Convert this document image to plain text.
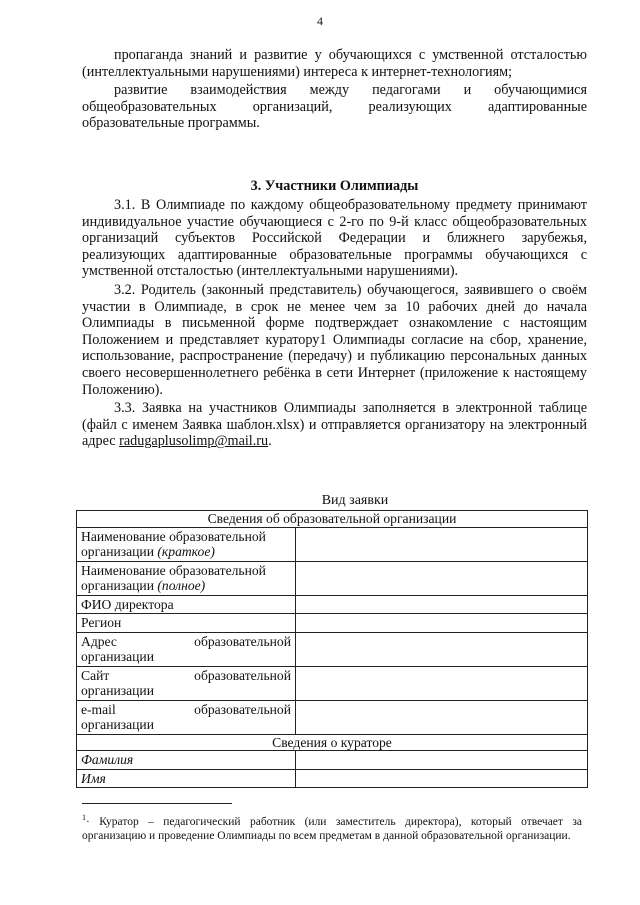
4

пропаганда знаний и развитие у обучающихся с умственной отсталостью (интеллектуальными нарушениями) интереса к интернет-технологиям;

развитие взаимодействия между педагогами и обучающимися общеобразовательных организаций, реализующих адаптированные образовательные программы.

3. Участники Олимпиады

3.1. В Олимпиаде по каждому общеобразовательному предмету принимают индивидуальное участие обучающиеся с 2-го по 9-й класс общеобразовательных организаций субъектов Российской Федерации и ближнего зарубежья, реализующих адаптированные образовательные программы обучающихся с умственной отсталостью (интеллектуальными нарушениями).

3.2. Родитель (законный представитель) обучающегося, заявившего о своём участии в Олимпиаде, в срок не менее чем за 10 рабочих дней до начала Олимпиады в письменной форме подтверждает ознакомление с настоящим Положением и представляет куратору1 Олимпиады согласие на сбор, хранение, использование, распространение (передачу) и публикацию персональных данных своего несовершеннолетнего ребёнка в сети Интернет (приложение к настоящему Положению).

3.3. Заявка на участников Олимпиады заполняется в электронной таблице (файл с именем Заявка шаблон.xlsx) и отправляется организатору на электронный адрес radugaplusolimp@mail.ru.

Вид заявки
Сведения об образовательной организации	
Наименование образовательной организации (краткое)	
Наименование образовательной организации (полное)	
ФИО директора	
Регион	

Адрес образовательной
организации	

Сайт образовательной
организации	

e-mail образовательной
организации	

Сведения о кураторе	
Фамилия	
Имя	
$^1$· Куратор – педагогический работник (или заместитель директора), который отвечает за организацию и проведение Олимпиады по всем предметам в данной образовательной организации.
